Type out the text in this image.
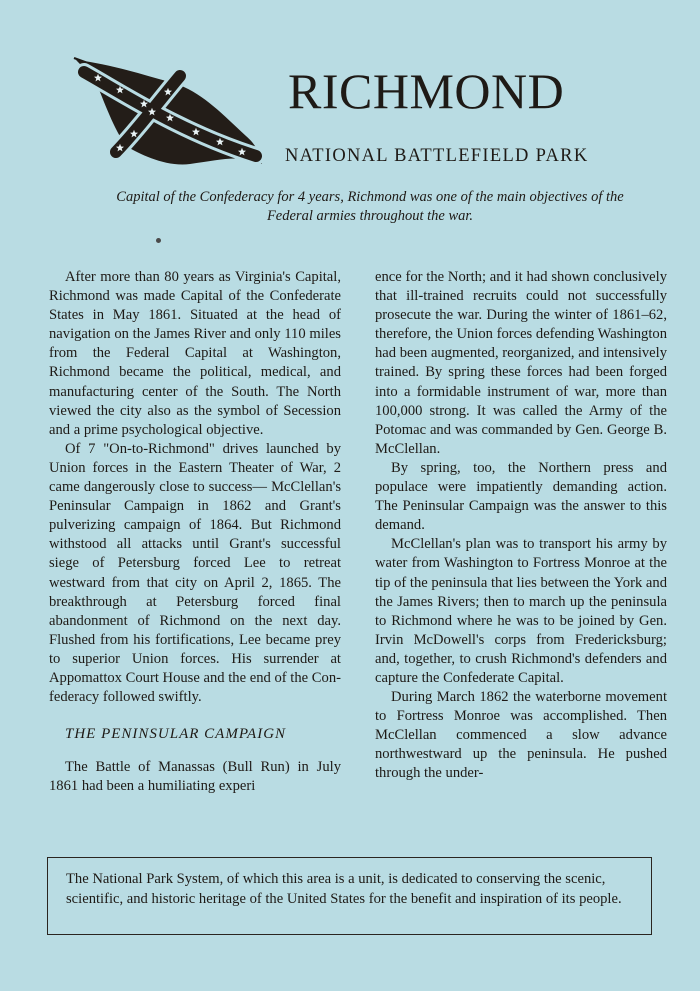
RICHMOND
NATIONAL BATTLEFIELD PARK
Capital of the Confederacy for 4 years, Richmond was one of the main objectives of the Federal armies throughout the war.

After more than 80 years as Virginia's Capital, Richmond was made Capital of the Confederate States in May 1861. Situated at the head of navigation on the James River and only 110 miles from the Federal Capital at Washington, Richmond became the political, medical, and manufacturing center of the South. The North viewed the city also as the symbol of Secession and a prime psychological objective.

Of 7 "On-to-Richmond" drives launched by Union forces in the Eastern Theater of War, 2 came dangerously close to success— McClellan's Peninsular Campaign in 1862 and Grant's pulverizing campaign of 1864. But Richmond withstood all attacks until Grant's successful siege of Petersburg forced Lee to retreat westward from that city on April 2, 1865. The breakthrough at Petersburg forced final abandonment of Richmond on the next day. Flushed from his fortifications, Lee became prey to superior Union forces. His surrender at Appomattox Court House and the end of the Confederacy followed swiftly.

THE PENINSULAR CAMPAIGN

The Battle of Manassas (Bull Run) in July 1861 had been a humiliating experi

ence for the North; and it had shown conclusively that ill-trained recruits could not successfully prosecute the war. During the winter of 1861–62, therefore, the Union forces defending Washington had been augmented, reorganized, and intensively trained. By spring these forces had been forged into a formidable instrument of war, more than 100,000 strong. It was called the Army of the Potomac and was commanded by Gen. George B. McClellan.

By spring, too, the Northern press and populace were impatiently demanding action. The Peninsular Campaign was the answer to this demand.

McClellan's plan was to transport his army by water from Washington to Fortress Monroe at the tip of the peninsula that lies between the York and the James Rivers; then to march up the peninsula to Richmond where he was to be joined by Gen. Irvin McDowell's corps from Fredericksburg; and, together, to crush Richmond's defenders and capture the Confederate Capital.

During March 1862 the waterborne movement to Fortress Monroe was accomplished. Then McClellan commenced a slow advance northwestward up the peninsula. He pushed through the under-

The National Park System, of which this area is a unit, is dedicated to conserving the scenic, scientific, and historic heritage of the United States for the benefit and inspiration of its people.
